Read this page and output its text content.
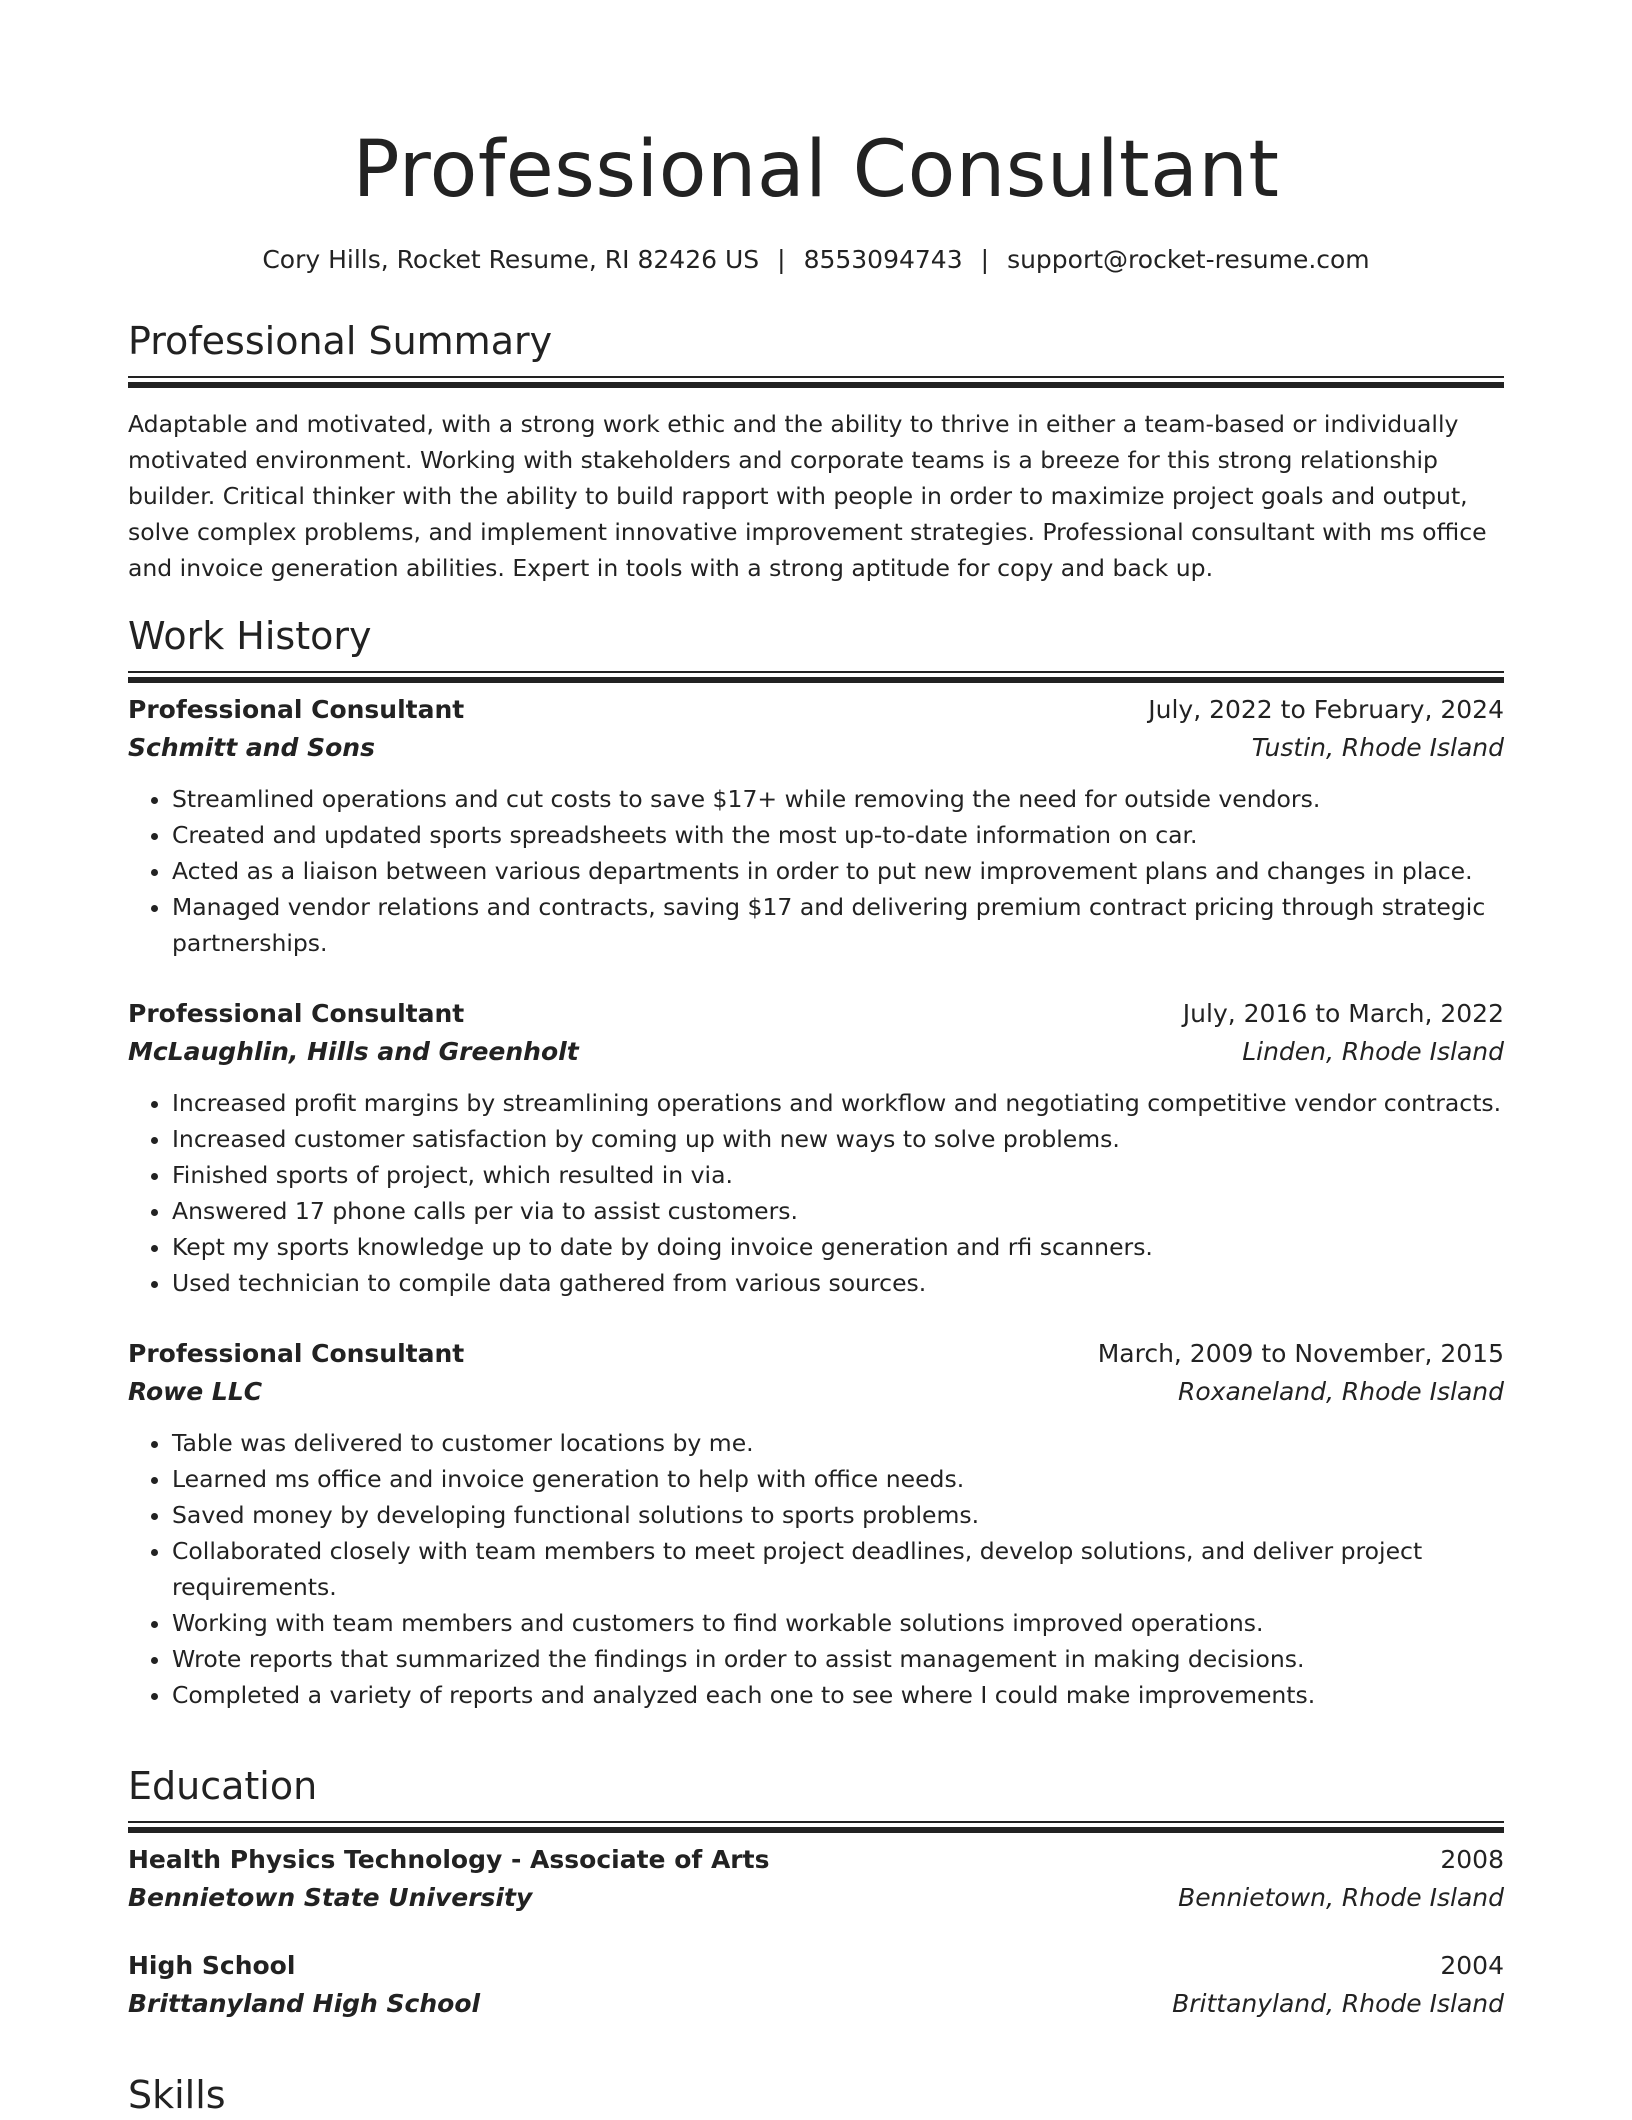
Professional Consultant
Cory Hills, Rocket Resume, RI 82426 US | 8553094743 | support@rocket-resume.com
Professional Summary

Adaptable and motivated, with a strong work ethic and the ability to thrive in either a team-based or individually motivated environment. Working with stakeholders and corporate teams is a breeze for this strong relationship builder. Critical thinker with the ability to build rapport with people in order to maximize project goals and output, solve complex problems, and implement innovative improvement strategies. Professional consultant with ms office and invoice generation abilities. Expert in tools with a strong aptitude for copy and back up.

Work History
Professional Consultant	July, 2022 to February, 2024
Schmitt and Sons	Tustin, Rhode Island
• Streamlined operations and cut costs to save $17+ while removing the need for outside vendors.
• Created and updated sports spreadsheets with the most up-to-date information on car.
• Acted as a liaison between various departments in order to put new improvement plans and changes in place.
• Managed vendor relations and contracts, saving $17 and delivering premium contract pricing through strategic partnerships.
Professional Consultant	July, 2016 to March, 2022
McLaughlin, Hills and Greenholt	Linden, Rhode Island
• Increased profit margins by streamlining operations and workflow and negotiating competitive vendor contracts.
• Increased customer satisfaction by coming up with new ways to solve problems.
• Finished sports of project, which resulted in via.
• Answered 17 phone calls per via to assist customers.
• Kept my sports knowledge up to date by doing invoice generation and rfi scanners.
• Used technician to compile data gathered from various sources.
Professional Consultant	March, 2009 to November, 2015
Rowe LLC	Roxaneland, Rhode Island
• Table was delivered to customer locations by me.
• Learned ms office and invoice generation to help with office needs.
• Saved money by developing functional solutions to sports problems.
• Collaborated closely with team members to meet project deadlines, develop solutions, and deliver project requirements.
• Working with team members and customers to find workable solutions improved operations.
• Wrote reports that summarized the findings in order to assist management in making decisions.
• Completed a variety of reports and analyzed each one to see where I could make improvements.
Education
Health Physics Technology - Associate of Arts	2008
Bennietown State University	Bennietown, Rhode Island
High School	2004
Brittanyland High School	Brittanyland, Rhode Island
Skills
